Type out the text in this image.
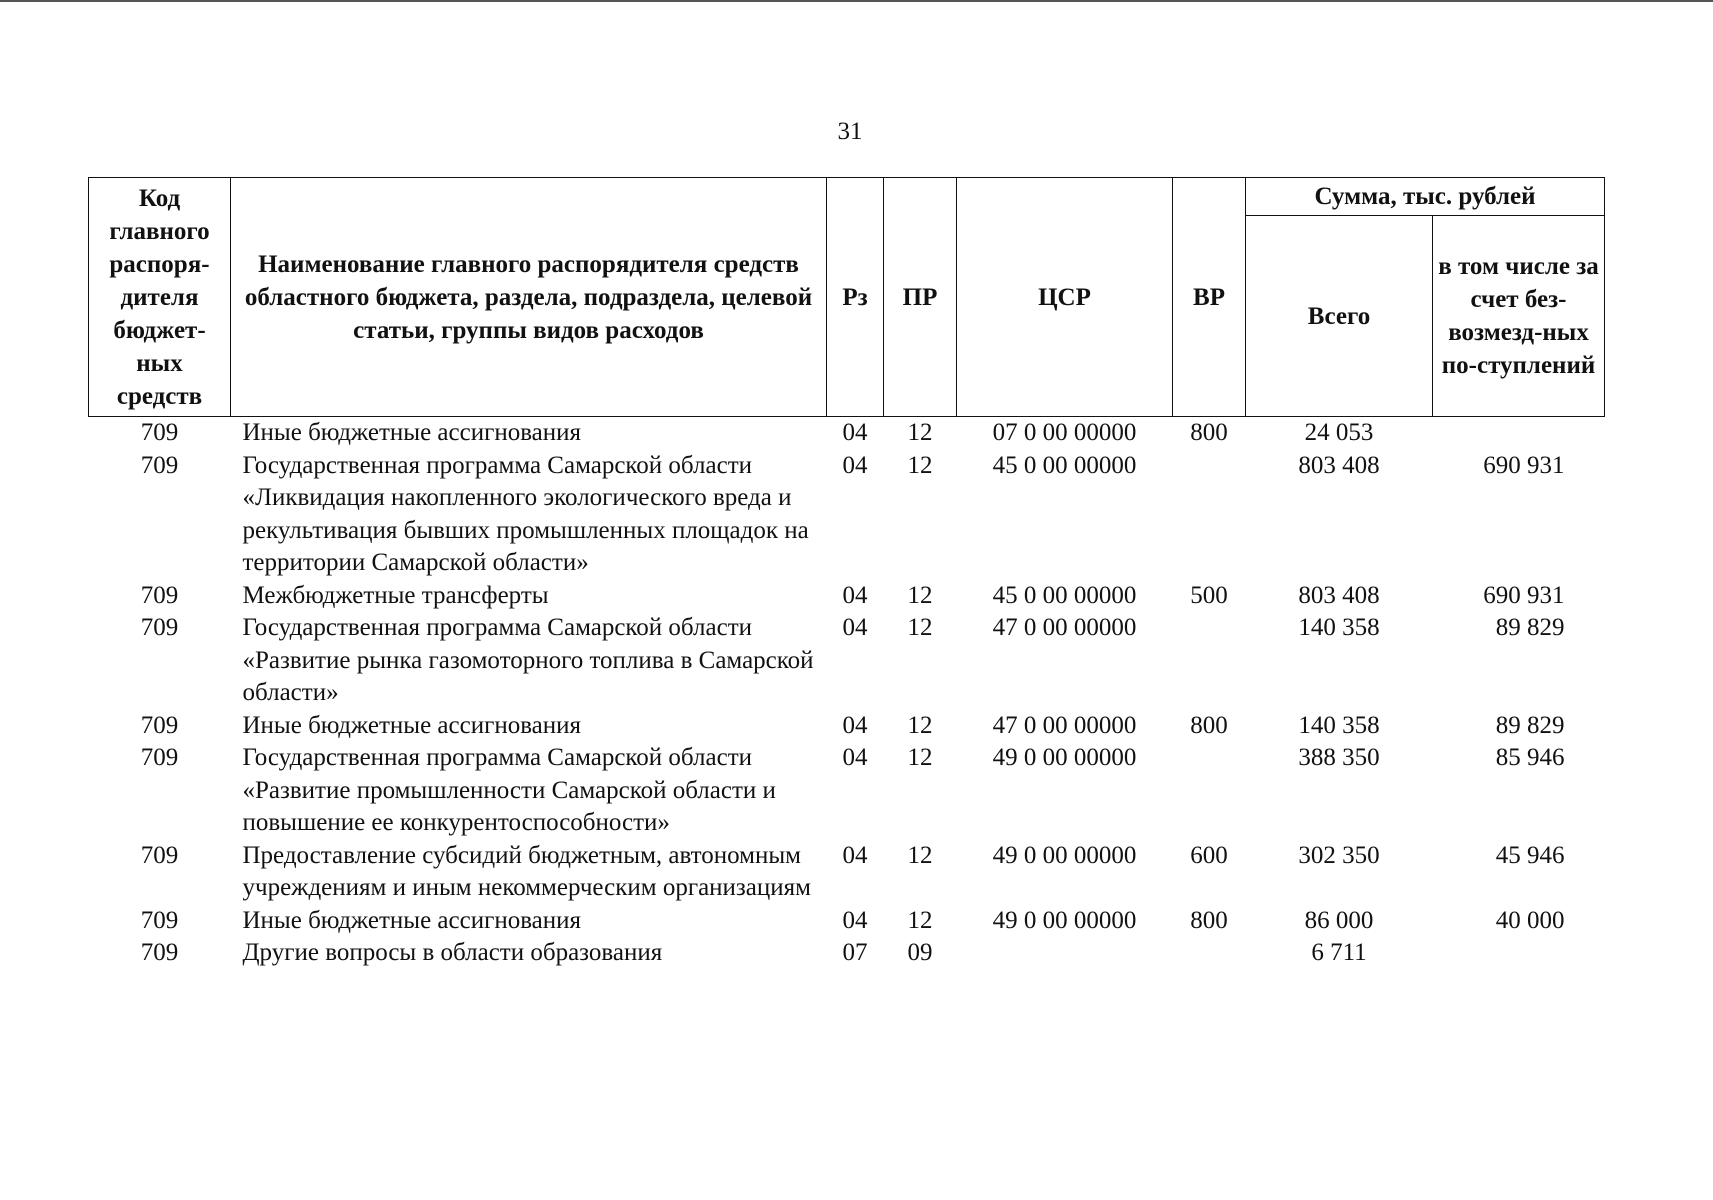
31
Код главного распоря-дителя бюджет-ных средств	Наименование главного распорядителя средств областного бюджета, раздела, подраздела, целевой статьи, группы видов расходов	Рз	ПР	ЦСР	ВР	Сумма, тыс. рублей	
						Всего	в том числе за счет без-возмезд-ных по-ступлений
709	Иные бюджетные ассигнования	04	12	07 0 00 00000	800	24 053	
709	Государственная программа Самарской области «Ликвидация накопленного экологического вреда и рекультивация бывших промышленных площадок на территории Самарской области»	04	12	45 0 00 00000		803 408	690 931
709	Межбюджетные трансферты	04	12	45 0 00 00000	500	803 408	690 931
709	Государственная программа Самарской области «Развитие рынка газомоторного топлива в Самарской области»	04	12	47 0 00 00000		140 358	89 829
709	Иные бюджетные ассигнования	04	12	47 0 00 00000	800	140 358	89 829
709	Государственная программа Самарской области «Развитие промышленности Самарской области и повышение ее конкурентоспособности»	04	12	49 0 00 00000		388 350	85 946
709	Предоставление субсидий бюджетным, автономным учреждениям и иным некоммерческим организациям	04	12	49 0 00 00000	600	302 350	45 946
709	Иные бюджетные ассигнования	04	12	49 0 00 00000	800	86 000	40 000
709	Другие вопросы в области образования	07	09			6 711	
